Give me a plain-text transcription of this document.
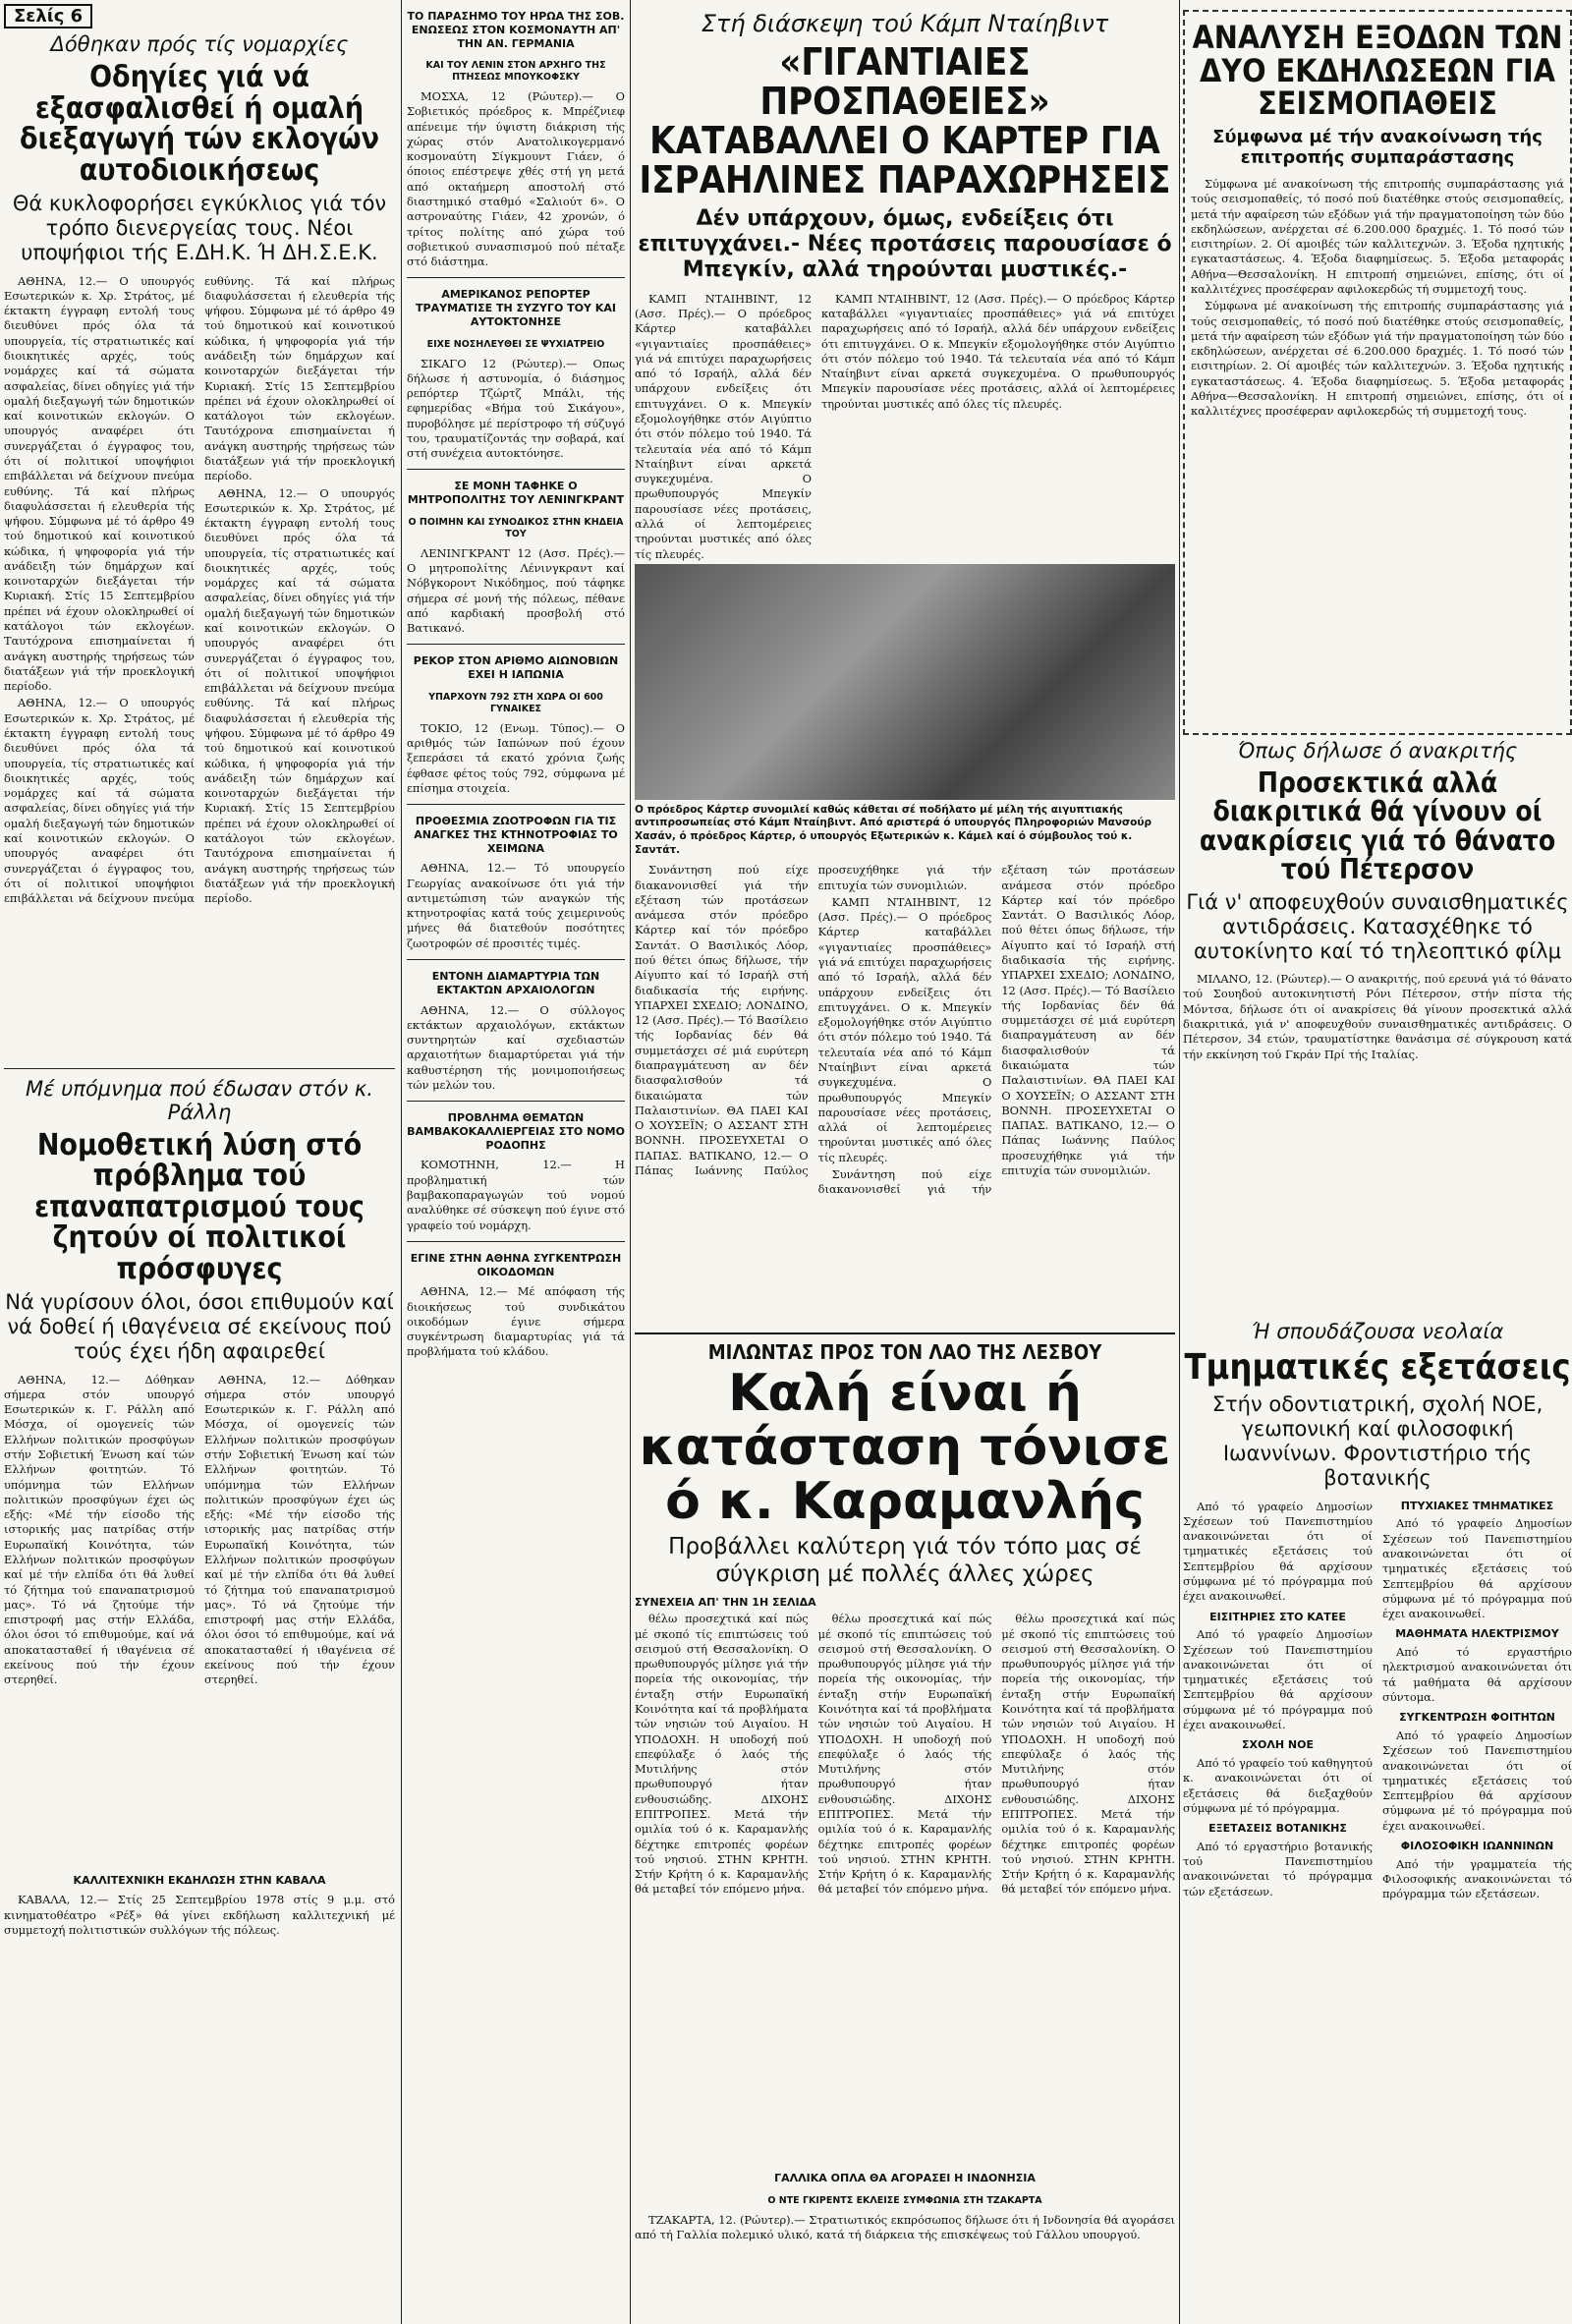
Σελίς 6
Δόθηκαν πρός τίς νομαρχίες
Οδηγίες γιά νά εξασφαλισθεί ή ομαλή διεξαγωγή τών εκλογών αυτοδιοικήσεως
Θά κυκλοφορήσει εγκύκλιος γιά τόν τρόπο διενεργείας τους. Νέοι υποψήφιοι τής Ε.ΔΗ.Κ. Ή ΔΗ.Σ.Ε.Κ.

ΑΘΗΝΑ, 12.— Ο υπουργός Εσωτερικών κ. Χρ. Στράτος, μέ έκτακτη έγγραφη εντολή τους διευθύνει πρός όλα τά υπουργεία, τίς στρατιωτικές καί διοικητικές αρχές, τούς νομάρχες καί τά σώματα ασφαλείας, δίνει οδηγίες γιά τήν ομαλή διεξαγωγή τών δημοτικών καί κοινοτικών εκλογών. Ο υπουργός αναφέρει ότι συνεργάζεται ό έγγραφος του, ότι οί πολιτικοί υποψήφιοι επιβάλλεται νά δείχνουν πνεύμα ευθύνης. Τά καί πλήρως διαφυλάσσεται ή ελευθερία τής ψήφου. Σύμφωνα μέ τό άρθρο 49 τού δημοτικού καί κοινοτικού κώδικα, ή ψηφοφορία γιά τήν ανάδειξη τών δημάρχων καί κοινοταρχών διεξάγεται τήν Κυριακή. Στίς 15 Σεπτεμβρίου πρέπει νά έχουν ολοκληρωθεί οί κατάλογοι τών εκλογέων. Ταυτόχρονα επισημαίνεται ή ανάγκη αυστηρής τηρήσεως τών διατάξεων γιά τήν προεκλογική περίοδο.

ΑΘΗΝΑ, 12.— Ο υπουργός Εσωτερικών κ. Χρ. Στράτος, μέ έκτακτη έγγραφη εντολή τους διευθύνει πρός όλα τά υπουργεία, τίς στρατιωτικές καί διοικητικές αρχές, τούς νομάρχες καί τά σώματα ασφαλείας, δίνει οδηγίες γιά τήν ομαλή διεξαγωγή τών δημοτικών καί κοινοτικών εκλογών. Ο υπουργός αναφέρει ότι συνεργάζεται ό έγγραφος του, ότι οί πολιτικοί υποψήφιοι επιβάλλεται νά δείχνουν πνεύμα ευθύνης. Τά καί πλήρως διαφυλάσσεται ή ελευθερία τής ψήφου. Σύμφωνα μέ τό άρθρο 49 τού δημοτικού καί κοινοτικού κώδικα, ή ψηφοφορία γιά τήν ανάδειξη τών δημάρχων καί κοινοταρχών διεξάγεται τήν Κυριακή. Στίς 15 Σεπτεμβρίου πρέπει νά έχουν ολοκληρωθεί οί κατάλογοι τών εκλογέων. Ταυτόχρονα επισημαίνεται ή ανάγκη αυστηρής τηρήσεως τών διατάξεων γιά τήν προεκλογική περίοδο.

ΑΘΗΝΑ, 12.— Ο υπουργός Εσωτερικών κ. Χρ. Στράτος, μέ έκτακτη έγγραφη εντολή τους διευθύνει πρός όλα τά υπουργεία, τίς στρατιωτικές καί διοικητικές αρχές, τούς νομάρχες καί τά σώματα ασφαλείας, δίνει οδηγίες γιά τήν ομαλή διεξαγωγή τών δημοτικών καί κοινοτικών εκλογών. Ο υπουργός αναφέρει ότι συνεργάζεται ό έγγραφος του, ότι οί πολιτικοί υποψήφιοι επιβάλλεται νά δείχνουν πνεύμα ευθύνης. Τά καί πλήρως διαφυλάσσεται ή ελευθερία τής ψήφου. Σύμφωνα μέ τό άρθρο 49 τού δημοτικού καί κοινοτικού κώδικα, ή ψηφοφορία γιά τήν ανάδειξη τών δημάρχων καί κοινοταρχών διεξάγεται τήν Κυριακή. Στίς 15 Σεπτεμβρίου πρέπει νά έχουν ολοκληρωθεί οί κατάλογοι τών εκλογέων. Ταυτόχρονα επισημαίνεται ή ανάγκη αυστηρής τηρήσεως τών διατάξεων γιά τήν προεκλογική περίοδο.

Μέ υπόμνημα πού έδωσαν στόν κ. Ράλλη
Νομοθετική λύση στό πρόβλημα τού επαναπατρισμού τους ζητούν οί πολιτικοί πρόσφυγες
Νά γυρίσουν όλοι, όσοι επιθυμούν καί νά δοθεί ή ιθαγένεια σέ εκείνους πού τούς έχει ήδη αφαιρεθεί

ΑΘΗΝΑ, 12.— Δόθηκαν σήμερα στόν υπουργό Εσωτερικών κ. Γ. Ράλλη από Μόσχα, οί ομογενείς τών Ελλήνων πολιτικών προσφύγων στήν Σοβιετική Ένωση καί τών Ελλήνων φοιτητών. Τό υπόμνημα τών Ελλήνων πολιτικών προσφύγων έχει ώς εξής: «Μέ τήν είσοδο τής ιστορικής μας πατρίδας στήν Ευρωπαϊκή Κοινότητα, τών Ελλήνων πολιτικών προσφύγων καί μέ τήν ελπίδα ότι θά λυθεί τό ζήτημα τού επαναπατρισμού μας». Τό νά ζητούμε τήν επιστροφή μας στήν Ελλάδα, όλοι όσοι τό επιθυμούμε, καί νά αποκατασταθεί ή ιθαγένεια σέ εκείνους πού τήν έχουν στερηθεί.

ΑΘΗΝΑ, 12.— Δόθηκαν σήμερα στόν υπουργό Εσωτερικών κ. Γ. Ράλλη από Μόσχα, οί ομογενείς τών Ελλήνων πολιτικών προσφύγων στήν Σοβιετική Ένωση καί τών Ελλήνων φοιτητών. Τό υπόμνημα τών Ελλήνων πολιτικών προσφύγων έχει ώς εξής: «Μέ τήν είσοδο τής ιστορικής μας πατρίδας στήν Ευρωπαϊκή Κοινότητα, τών Ελλήνων πολιτικών προσφύγων καί μέ τήν ελπίδα ότι θά λυθεί τό ζήτημα τού επαναπατρισμού μας». Τό νά ζητούμε τήν επιστροφή μας στήν Ελλάδα, όλοι όσοι τό επιθυμούμε, καί νά αποκατασταθεί ή ιθαγένεια σέ εκείνους πού τήν έχουν στερηθεί.

ΚΑΛΛΙΤΕΧΝΙΚΗ ΕΚΔΗΛΩΣΗ ΣΤΗΝ ΚΑΒΑΛΑ

ΚΑΒΑΛΑ, 12.— Στίς 25 Σεπτεμβρίου 1978 στίς 9 μ.μ. στό κινηματοθέατρο «Ρέξ» θά γίνει εκδήλωση καλλιτεχνική μέ συμμετοχή πολιτιστικών συλλόγων τής πόλεως.

ΤΟ ΠΑΡΑΣΗΜΟ ΤΟΥ ΗΡΩΑ ΤΗΣ ΣΟΒ. ΕΝΩΣΕΩΣ ΣΤΟΝ ΚΟΣΜΟΝΑΥΤΗ ΑΠ' ΤΗΝ ΑΝ. ΓΕΡΜΑΝΙΑ
ΚΑΙ ΤΟΥ ΛΕΝΙΝ ΣΤΟΝ ΑΡΧΗΓΟ ΤΗΣ ΠΤΗΣΕΩΣ ΜΠΟΥΚΟΦΣΚΥ

ΜΟΣΧΑ, 12 (Ρώυτερ).— Ο Σοβιετικός πρόεδρος κ. Μπρέζνιεφ απένειμε τήν ύψιστη διάκριση τής χώρας στόν Ανατολικογερμανό κοσμοναύτη Σίγκμουντ Γιάεν, ό όποιος επέστρεψε χθές στή γη μετά από οκταήμερη αποστολή στό διαστημικό σταθμό «Σαλιούτ 6». Ο αστροναύτης Γιάεν, 42 χρονών, ό τρίτος πολίτης από χώρα τού σοβιετικού συνασπισμού πού πέταξε στό διάστημα.

ΑΜΕΡΙΚΑΝΟΣ ΡΕΠΟΡΤΕΡ ΤΡΑΥΜΑΤΙΣΕ ΤΗ ΣΥΖΥΓΟ ΤΟΥ ΚΑΙ ΑΥΤΟΚΤΟΝΗΣΕ
ΕΙΧΕ ΝΟΣΗΛΕΥΘΕΙ ΣΕ ΨΥΧΙΑΤΡΕΙΟ

ΣΙΚΑΓΟ 12 (Ρώυτερ).— Οπως δήλωσε ή αστυνομία, ό διάσημος ρεπόρτερ Τζώρτζ Μπάλι, τής εφημερίδας «Βήμα τού Σικάγου», πυροβόλησε μέ περίστροφο τή σύζυγό του, τραυματίζοντάς την σοβαρά, καί στή συνέχεια αυτοκτόνησε.

ΣΕ ΜΟΝΗ ΤΑΦΗΚΕ Ο ΜΗΤΡΟΠΟΛΙΤΗΣ ΤΟΥ ΛΕΝΙΝΓΚΡΑΝΤ
Ο ΠΟΙΜΗΝ ΚΑΙ ΣΥΝΟΔΙΚΟΣ ΣΤΗΝ ΚΗΔΕΙΑ ΤΟΥ

ΛΕΝΙΝΓΚΡΑΝΤ 12 (Ασσ. Πρές).— Ο μητροπολίτης Λένινγκραντ καί Νόβγκοροντ Νικόδημος, πού τάφηκε σήμερα σέ μονή τής πόλεως, πέθανε από καρδιακή προσβολή στό Βατικανό.

ΡΕΚΟΡ ΣΤΟΝ ΑΡΙΘΜΟ ΑΙΩΝΟΒΙΩΝ ΕΧΕΙ Η ΙΑΠΩΝΙΑ
ΥΠΑΡΧΟΥΝ 792 ΣΤΗ ΧΩΡΑ ΟΙ 600 ΓΥΝΑΙΚΕΣ

ΤΟΚΙΟ, 12 (Ενωμ. Τύπος).— Ο αριθμός τών Ιαπώνων πού έχουν ξεπεράσει τά εκατό χρόνια ζωής έφθασε φέτος τούς 792, σύμφωνα μέ επίσημα στοιχεία.

ΠΡΟΘΕΣΜΙΑ ΖΩΟΤΡΟΦΩΝ ΓΙΑ ΤΙΣ ΑΝΑΓΚΕΣ ΤΗΣ ΚΤΗΝΟΤΡΟΦΙΑΣ ΤΟ ΧΕΙΜΩΝΑ

ΑΘΗΝΑ, 12.— Τό υπουργείο Γεωργίας ανακοίνωσε ότι γιά τήν αντιμετώπιση τών αναγκών τής κτηνοτροφίας κατά τούς χειμερινούς μήνες θά διατεθούν ποσότητες ζωοτροφών σέ προσιτές τιμές.

ΕΝΤΟΝΗ ΔΙΑΜΑΡΤΥΡΙΑ ΤΩΝ ΕΚΤΑΚΤΩΝ ΑΡΧΑΙΟΛΟΓΩΝ

ΑΘΗΝΑ, 12.— Ο σύλλογος εκτάκτων αρχαιολόγων, εκτάκτων συντηρητών καί σχεδιαστών αρχαιοτήτων διαμαρτύρεται γιά τήν καθυστέρηση τής μονιμοποιήσεως τών μελών του.

ΠΡΟΒΛΗΜΑ ΘΕΜΑΤΩΝ ΒΑΜΒΑΚΟΚΑΛΛΙΕΡΓΕΙΑΣ ΣΤΟ ΝΟΜΟ ΡΟΔΟΠΗΣ

ΚΟΜΟΤΗΝΗ, 12.— Η προβληματική τών βαμβακοπαραγωγών τού νομού αναλύθηκε σέ σύσκεψη πού έγινε στό γραφείο τού νομάρχη.

ΕΓΙΝΕ ΣΤΗΝ ΑΘΗΝΑ ΣΥΓΚΕΝΤΡΩΣΗ ΟΙΚΟΔΟΜΩΝ

ΑΘΗΝΑ, 12.— Μέ απόφαση τής διοικήσεως τού συνδικάτου οικοδόμων έγινε σήμερα συγκέντρωση διαμαρτυρίας γιά τά προβλήματα τού κλάδου.

Στή διάσκεψη τού Κάμπ Νταίηβιντ
«ΓΙΓΑΝΤΙΑΙΕΣ ΠΡΟΣΠΑΘΕΙΕΣ» ΚΑΤΑΒΑΛΛΕΙ Ο ΚΑΡΤΕΡ ΓΙΑ ΙΣΡΑΗΛΙΝΕΣ ΠΑΡΑΧΩΡΗΣΕΙΣ
Δέν υπάρχουν, όμως, ενδείξεις ότι επιτυγχάνει.- Νέες προτάσεις παρουσίασε ό Μπεγκίν, αλλά τηρούνται μυστικές.-

ΚΑΜΠ ΝΤΑΙΗΒΙΝΤ, 12 (Ασσ. Πρές).— Ο πρόεδρος Κάρτερ καταβάλλει «γιγαντιαίες προσπάθειες» γιά νά επιτύχει παραχωρήσεις από τό Ισραήλ, αλλά δέν υπάρχουν ενδείξεις ότι επιτυγχάνει. Ο κ. Μπεγκίν εξομολογήθηκε στόν Αιγύπτιο ότι στόν πόλεμο τού 1940. Τά τελευταία νέα από τό Κάμπ Νταίηβιντ είναι αρκετά συγκεχυμένα. Ο πρωθυπουργός Μπεγκίν παρουσίασε νέες προτάσεις, αλλά οί λεπτομέρειες τηρούνται μυστικές από όλες τίς πλευρές.

ΚΑΜΠ ΝΤΑΙΗΒΙΝΤ, 12 (Ασσ. Πρές).— Ο πρόεδρος Κάρτερ καταβάλλει «γιγαντιαίες προσπάθειες» γιά νά επιτύχει παραχωρήσεις από τό Ισραήλ, αλλά δέν υπάρχουν ενδείξεις ότι επιτυγχάνει. Ο κ. Μπεγκίν εξομολογήθηκε στόν Αιγύπτιο ότι στόν πόλεμο τού 1940. Τά τελευταία νέα από τό Κάμπ Νταίηβιντ είναι αρκετά συγκεχυμένα. Ο πρωθυπουργός Μπεγκίν παρουσίασε νέες προτάσεις, αλλά οί λεπτομέρειες τηρούνται μυστικές από όλες τίς πλευρές.

Ο πρόεδρος Κάρτερ συνομιλεί καθώς κάθεται σέ ποδήλατο μέ μέλη τής αιγυπτιακής αντιπροσωπείας στό Κάμπ Νταίηβιντ. Από αριστερά ό υπουργός Πληροφοριών Μανσούρ Χασάν, ό πρόεδρος Κάρτερ, ό υπουργός Εξωτερικών κ. Κάμελ καί ό σύμβουλος τού κ. Σαντάτ.

Συνάντηση πού είχε διακανονισθεί γιά τήν εξέταση τών προτάσεων ανάμεσα στόν πρόεδρο Κάρτερ καί τόν πρόεδρο Σαντάτ. Ο Βασιλικός Λόορ, πού θέτει όπως δήλωσε, τήν Αίγυπτο καί τό Ισραήλ στή διαδικασία τής ειρήνης. ΥΠΑΡΧΕΙ ΣΧΕΔΙΟ; ΛΟΝΔΙΝΟ, 12 (Ασσ. Πρές).— Τό Βασίλειο τής Ιορδανίας δέν θά συμμετάσχει σέ μιά ευρύτερη διαπραγμάτευση αν δέν διασφαλισθούν τά δικαιώματα τών Παλαιστινίων. ΘΑ ΠΑΕΙ ΚΑΙ Ο ΧΟΥΣΕΪΝ; Ο ΑΣΣΑΝΤ ΣΤΗ ΒΟΝΝΗ. ΠΡΟΣΕΥΧΕΤΑΙ Ο ΠΑΠΑΣ. ΒΑΤΙΚΑΝΟ, 12.— Ο Πάπας Ιωάννης Παύλος προσευχήθηκε γιά τήν επιτυχία τών συνομιλιών.

ΚΑΜΠ ΝΤΑΙΗΒΙΝΤ, 12 (Ασσ. Πρές).— Ο πρόεδρος Κάρτερ καταβάλλει «γιγαντιαίες προσπάθειες» γιά νά επιτύχει παραχωρήσεις από τό Ισραήλ, αλλά δέν υπάρχουν ενδείξεις ότι επιτυγχάνει. Ο κ. Μπεγκίν εξομολογήθηκε στόν Αιγύπτιο ότι στόν πόλεμο τού 1940. Τά τελευταία νέα από τό Κάμπ Νταίηβιντ είναι αρκετά συγκεχυμένα. Ο πρωθυπουργός Μπεγκίν παρουσίασε νέες προτάσεις, αλλά οί λεπτομέρειες τηρούνται μυστικές από όλες τίς πλευρές.

Συνάντηση πού είχε διακανονισθεί γιά τήν εξέταση τών προτάσεων ανάμεσα στόν πρόεδρο Κάρτερ καί τόν πρόεδρο Σαντάτ. Ο Βασιλικός Λόορ, πού θέτει όπως δήλωσε, τήν Αίγυπτο καί τό Ισραήλ στή διαδικασία τής ειρήνης. ΥΠΑΡΧΕΙ ΣΧΕΔΙΟ; ΛΟΝΔΙΝΟ, 12 (Ασσ. Πρές).— Τό Βασίλειο τής Ιορδανίας δέν θά συμμετάσχει σέ μιά ευρύτερη διαπραγμάτευση αν δέν διασφαλισθούν τά δικαιώματα τών Παλαιστινίων. ΘΑ ΠΑΕΙ ΚΑΙ Ο ΧΟΥΣΕΪΝ; Ο ΑΣΣΑΝΤ ΣΤΗ ΒΟΝΝΗ. ΠΡΟΣΕΥΧΕΤΑΙ Ο ΠΑΠΑΣ. ΒΑΤΙΚΑΝΟ, 12.— Ο Πάπας Ιωάννης Παύλος προσευχήθηκε γιά τήν επιτυχία τών συνομιλιών.

ΜΙΛΩΝΤΑΣ ΠΡΟΣ ΤΟΝ ΛΑΟ ΤΗΣ ΛΕΣΒΟΥ
Καλή είναι ή κατάσταση τόνισε ό κ. Καραμανλής
Προβάλλει καλύτερη γιά τόν τόπο μας σέ σύγκριση μέ πολλές άλλες χώρες
ΣΥΝΕΧΕΙΑ ΑΠ' ΤΗΝ 1Η ΣΕΛΙΔΑ

θέλω προσεχτικά καί πώς μέ σκοπό τίς επιπτώσεις τού σεισμού στή Θεσσαλονίκη. Ο πρωθυπουργός μίλησε γιά τήν πορεία τής οικονομίας, τήν ένταξη στήν Ευρωπαϊκή Κοινότητα καί τά προβλήματα τών νησιών τού Αιγαίου. Η ΥΠΟΔΟΧΗ. Η υποδοχή πού επεφύλαξε ό λαός τής Μυτιλήνης στόν πρωθυπουργό ήταν ενθουσιώδης. ΔΙΧΟΗΣ ΕΠΙΤΡΟΠΕΣ. Μετά τήν ομιλία τού ό κ. Καραμανλής δέχτηκε επιτροπές φορέων τού νησιού. ΣΤΗΝ ΚΡΗΤΗ. Στήν Κρήτη ό κ. Καραμανλής θά μεταβεί τόν επόμενο μήνα.

θέλω προσεχτικά καί πώς μέ σκοπό τίς επιπτώσεις τού σεισμού στή Θεσσαλονίκη. Ο πρωθυπουργός μίλησε γιά τήν πορεία τής οικονομίας, τήν ένταξη στήν Ευρωπαϊκή Κοινότητα καί τά προβλήματα τών νησιών τού Αιγαίου. Η ΥΠΟΔΟΧΗ. Η υποδοχή πού επεφύλαξε ό λαός τής Μυτιλήνης στόν πρωθυπουργό ήταν ενθουσιώδης. ΔΙΧΟΗΣ ΕΠΙΤΡΟΠΕΣ. Μετά τήν ομιλία τού ό κ. Καραμανλής δέχτηκε επιτροπές φορέων τού νησιού. ΣΤΗΝ ΚΡΗΤΗ. Στήν Κρήτη ό κ. Καραμανλής θά μεταβεί τόν επόμενο μήνα.

θέλω προσεχτικά καί πώς μέ σκοπό τίς επιπτώσεις τού σεισμού στή Θεσσαλονίκη. Ο πρωθυπουργός μίλησε γιά τήν πορεία τής οικονομίας, τήν ένταξη στήν Ευρωπαϊκή Κοινότητα καί τά προβλήματα τών νησιών τού Αιγαίου. Η ΥΠΟΔΟΧΗ. Η υποδοχή πού επεφύλαξε ό λαός τής Μυτιλήνης στόν πρωθυπουργό ήταν ενθουσιώδης. ΔΙΧΟΗΣ ΕΠΙΤΡΟΠΕΣ. Μετά τήν ομιλία τού ό κ. Καραμανλής δέχτηκε επιτροπές φορέων τού νησιού. ΣΤΗΝ ΚΡΗΤΗ. Στήν Κρήτη ό κ. Καραμανλής θά μεταβεί τόν επόμενο μήνα.

ΓΑΛΛΙΚΑ ΟΠΛΑ ΘΑ ΑΓΟΡΑΣΕΙ Η ΙΝΔΟΝΗΣΙΑ
Ο ΝΤΕ ΓΚΙΡΕΝΤΣ ΕΚΛΕΙΣΕ ΣΥΜΦΩΝΙΑ ΣΤΗ ΤΖΑΚΑΡΤΑ

ΤΖΑΚΑΡΤΑ, 12. (Ρώυτερ).— Στρατιωτικός εκπρόσωπος δήλωσε ότι ή Ινδονησία θά αγοράσει από τή Γαλλία πολεμικό υλικό, κατά τή διάρκεια τής επισκέψεως τού Γάλλου υπουργού.

ΑΝΑΛΥΣΗ ΕΞΟΔΩΝ ΤΩΝ ΔΥΟ ΕΚΔΗΛΩΣΕΩΝ ΓΙΑ ΣΕΙΣΜΟΠΑΘΕΙΣ
Σύμφωνα μέ τήν ανακοίνωση τής επιτροπής συμπαράστασης

Σύμφωνα μέ ανακοίνωση τής επιτροπής συμπαράστασης γιά τούς σεισμοπαθείς, τό ποσό πού διατέθηκε στούς σεισμοπαθείς, μετά τήν αφαίρεση τών εξόδων γιά τήν πραγματοποίηση τών δύο εκδηλώσεων, ανέρχεται σέ 6.200.000 δραχμές. 1. Τό ποσό τών εισιτηρίων. 2. Οί αμοιβές τών καλλιτεχνών. 3. Έξοδα ηχητικής εγκαταστάσεως. 4. Έξοδα διαφημίσεως. 5. Έξοδα μεταφοράς Αθήνα—Θεσσαλονίκη. Η επιτροπή σημειώνει, επίσης, ότι οί καλλιτέχνες προσέφεραν αφιλοκερδώς τή συμμετοχή τους.

Σύμφωνα μέ ανακοίνωση τής επιτροπής συμπαράστασης γιά τούς σεισμοπαθείς, τό ποσό πού διατέθηκε στούς σεισμοπαθείς, μετά τήν αφαίρεση τών εξόδων γιά τήν πραγματοποίηση τών δύο εκδηλώσεων, ανέρχεται σέ 6.200.000 δραχμές. 1. Τό ποσό τών εισιτηρίων. 2. Οί αμοιβές τών καλλιτεχνών. 3. Έξοδα ηχητικής εγκαταστάσεως. 4. Έξοδα διαφημίσεως. 5. Έξοδα μεταφοράς Αθήνα—Θεσσαλονίκη. Η επιτροπή σημειώνει, επίσης, ότι οί καλλιτέχνες προσέφεραν αφιλοκερδώς τή συμμετοχή τους.

Όπως δήλωσε ό ανακριτής
Προσεκτικά αλλά διακριτικά θά γίνουν οί ανακρίσεις γιά τό θάνατο τού Πέτερσον
Γιά ν' αποφευχθούν συναισθηματικές αντιδράσεις. Κατασχέθηκε τό αυτοκίνητο καί τό τηλεοπτικό φίλμ

ΜΙΛΑΝΟ, 12. (Ρώυτερ).— Ο ανακριτής, πού ερευνά γιά τό θάνατο τού Σουηδού αυτοκινητιστή Ρόνι Πέτερσον, στήν πίστα τής Μόντσα, δήλωσε ότι οί ανακρίσεις θά γίνουν προσεκτικά αλλά διακριτικά, γιά ν' αποφευχθούν συναισθηματικές αντιδράσεις. Ο Πέτερσον, 34 ετών, τραυματίστηκε θανάσιμα σέ σύγκρουση κατά τήν εκκίνηση τού Γκράν Πρί τής Ιταλίας.

Ή σπουδάζουσα νεολαία
Τμηματικές εξετάσεις
Στήν οδοντιατρική, σχολή ΝΟΕ, γεωπονική καί φιλοσοφική Ιωαννίνων. Φροντιστήριο τής βοτανικής

Από τό γραφείο Δημοσίων Σχέσεων τού Πανεπιστημίου ανακοινώνεται ότι οί τμηματικές εξετάσεις τού Σεπτεμβρίου θά αρχίσουν σύμφωνα μέ τό πρόγραμμα πού έχει ανακοινωθεί.

ΕΙΣΙΤΗΡΙΕΣ ΣΤΟ ΚΑΤΕΕ

Από τό γραφείο Δημοσίων Σχέσεων τού Πανεπιστημίου ανακοινώνεται ότι οί τμηματικές εξετάσεις τού Σεπτεμβρίου θά αρχίσουν σύμφωνα μέ τό πρόγραμμα πού έχει ανακοινωθεί.

ΣΧΟΛΗ ΝΟΕ

Από τό γραφείο τού καθηγητού κ. ανακοινώνεται ότι οί εξετάσεις θά διεξαχθούν σύμφωνα μέ τό πρόγραμμα.

ΕΞΕΤΑΣΕΙΣ ΒΟΤΑΝΙΚΗΣ

Από τό εργαστήριο βοτανικής τού Πανεπιστημίου ανακοινώνεται τό πρόγραμμα τών εξετάσεων.

ΠΤΥΧΙΑΚΕΣ ΤΜΗΜΑΤΙΚΕΣ

Από τό γραφείο Δημοσίων Σχέσεων τού Πανεπιστημίου ανακοινώνεται ότι οί τμηματικές εξετάσεις τού Σεπτεμβρίου θά αρχίσουν σύμφωνα μέ τό πρόγραμμα πού έχει ανακοινωθεί.

ΜΑΘΗΜΑΤΑ ΗΛΕΚΤΡΙΣΜΟΥ

Από τό εργαστήριο ηλεκτρισμού ανακοινώνεται ότι τά μαθήματα θά αρχίσουν σύντομα.

ΣΥΓΚΕΝΤΡΩΣΗ ΦΟΙΤΗΤΩΝ

Από τό γραφείο Δημοσίων Σχέσεων τού Πανεπιστημίου ανακοινώνεται ότι οί τμηματικές εξετάσεις τού Σεπτεμβρίου θά αρχίσουν σύμφωνα μέ τό πρόγραμμα πού έχει ανακοινωθεί.

ΦΙΛΟΣΟΦΙΚΗ ΙΩΑΝΝΙΝΩΝ

Από τήν γραμματεία τής Φιλοσοφικής ανακοινώνεται τό πρόγραμμα τών εξετάσεων.
